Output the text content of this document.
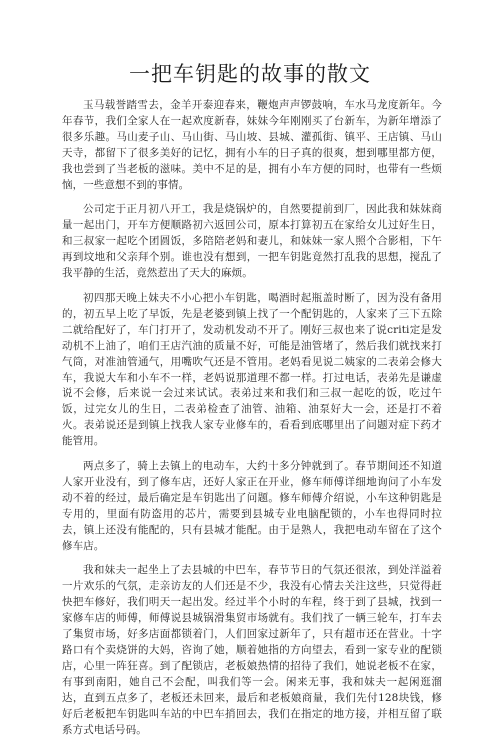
一把车钥匙的故事的散文

玉马载誉踏雪去，金羊开泰迎春来，鞭炮声声锣鼓响，车水马龙度新年。今年春节，我们全家人在一起欢度新春，妹妹今年刚刚买了台新车，为新年增添了很多乐趣。马山麦子山、马山街、马山坡、县城、灌孤街、镇平、王店镇、马山天寺，都留下了很多美好的记忆，拥有小车的日子真的很爽，想到哪里都方便，我也尝到了当老板的滋味。美中不足的是，拥有小车方便的同时，也带有一些烦恼，一些意想不到的事情。

公司定于正月初八开工，我是烧锅炉的，自然要提前到厂，因此我和妹妹商量一起出门，开车方便顺路初六返回公司，原本打算初五在家给女儿过好生日，和三叔家一起吃个团圆饭，多陪陪老妈和妻儿，和妹妹一家人照个合影相，下午再到坟地和父亲拜个别。谁也没有想到，一把车钥匙竟然打乱我的思想，搅乱了我平静的生活，竟然惹出了天大的麻烦。

初四那天晚上妹夫不小心把小车钥匙，喝酒时起瓶盖时断了，因为没有备用的，初五早上吃了早饭，先是老婆到镇上找了一个配钥匙的，人家来了三下五除二就给配好了，车门打开了，发动机发动不开了。刚好三叔也来了说criti定是发动机不上油了，咱们王店汽油的质量不好，可能是油管堵了，然后我们就找来打气筒，对准油管通气，用嘴吹气还是不管用。老妈看见说二姨家的二表弟会修大车，我说大车和小车不一样，老妈说那道理不都一样。打过电话，表弟先是谦虚说不会修，后来说一会过来试试。表弟过来和我们和三叔一起吃的饭，吃过午饭，过完女儿的生日，二表弟检查了油管、油箱、油泵好大一会，还是打不着火。表弟说还是到镇上找我人家专业修车的，看看到底哪里出了问题对症下药才能管用。

两点多了，骑上去镇上的电动车，大约十多分钟就到了。春节期间还不知道人家开业没有，到了修车店，还好人家正在开业，修车师傅详细地询问了小车发动不着的经过，最后确定是车钥匙出了问题。修车师傅介绍说，小车这种钥匙是专用的，里面有防盗用的芯片，需要到县城专业电脑配锁的，小车也得同时拉去，镇上还没有能配的，只有县城才能配。由于是熟人，我把电动车留在了这个修车店。

我和妹夫一起坐上了去县城的中巴车，春节节日的气氛还很浓，到处洋溢着一片欢乐的气氛，走亲访友的人们还是不少，我没有心情去关注这些，只觉得赶快把车修好，我们明天一起出发。经过半个小时的车程，终于到了县城，找到一家修车店的师傅，师傅说县城锅滑集贸市场就有。我们找了一辆三轮车，打车去了集贸市场，好多店面都锁着门，人们回家过新年了，只有超市还在营业。十字路口有个卖烧饼的大妈，咨询了她，顺着她指的方向望去，看到一家专业的配锁店，心里一阵狂喜。到了配锁店，老板娘热情的招待了我们，她说老板不在家，有事到南阳，她自己不会配，叫我们等一会。闲来无事，我和妹夫一起闲逛溜达，直到五点多了，老板还未回来，最后和老板娘商量，我们先付128块钱，修好后老板把车钥匙叫车站的中巴车捎回去，我们在指定的地方接，并相互留了联系方式电话号码。
